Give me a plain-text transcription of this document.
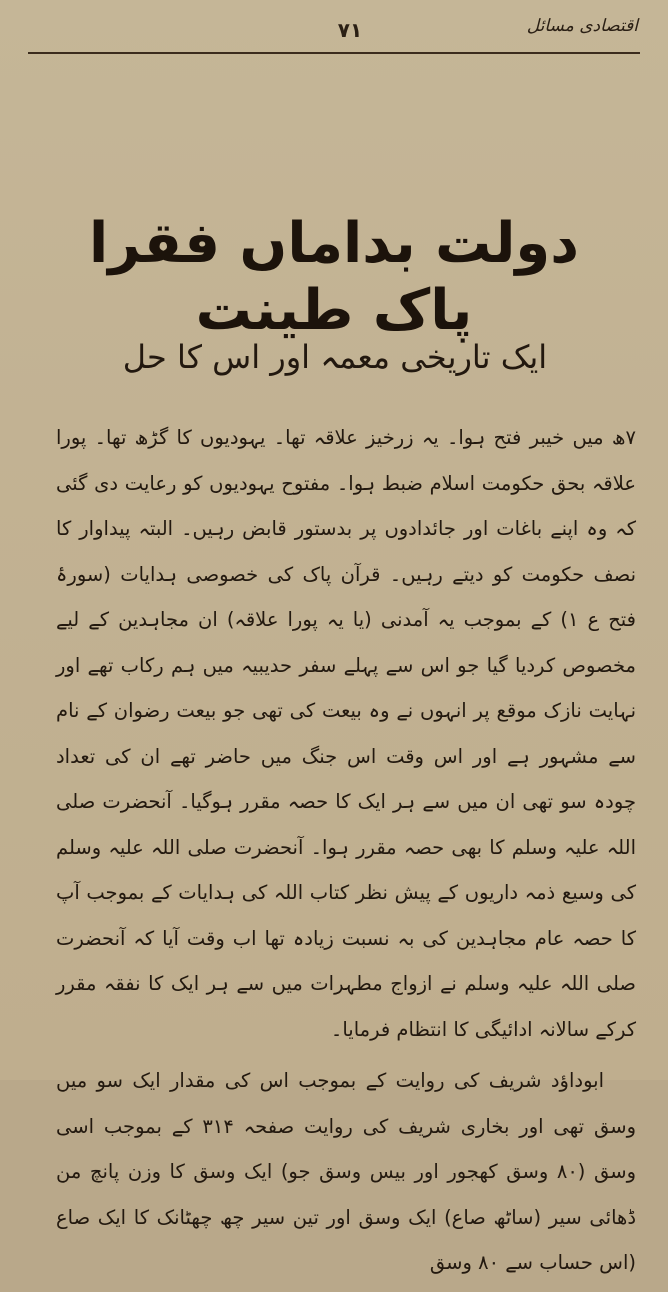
٧١	اقتصادی مسائل
دولت بداماں فقرا پاک طینت
ایک تاریخی معمہ اور اس کا حل

۷ھ میں خیبر فتح ہوا۔ یہ زرخیز علاقہ تھا۔ یہودیوں کا گڑھ تھا۔ پورا علاقہ بحق حکومت اسلام ضبط ہوا۔ مفتوح یہودیوں کو رعایت دی گئی کہ وہ اپنے باغات اور جائدادوں پر بدستور قابض رہیں۔ البتہ پیداوار کا نصف حکومت کو دیتے رہیں۔ قرآن پاک کی خصوصی ہدایات (سورۂ فتح ع ۱) کے بموجب یہ آمدنی (یا یہ پورا علاقہ) ان مجاہدین کے لیے مخصوص کردیا گیا جو اس سے پہلے سفر حدیبیہ میں ہم رکاب تھے اور نہایت نازک موقع پر انہوں نے وہ بیعت کی تھی جو بیعت رضوان کے نام سے مشہور ہے اور اس وقت اس جنگ میں حاضر تھے ان کی تعداد چودہ سو تھی ان میں سے ہر ایک کا حصہ مقرر ہوگیا۔ آنحضرت صلی اللہ علیہ وسلم کا بھی حصہ مقرر ہوا۔ آنحضرت صلی اللہ علیہ وسلم کی وسیع ذمہ داریوں کے پیش نظر کتاب اللہ کی ہدایات کے بموجب آپ کا حصہ عام مجاہدین کی بہ نسبت زیادہ تھا اب وقت آیا کہ آنحضرت صلی اللہ علیہ وسلم نے ازواج مطہرات میں سے ہر ایک کا نفقہ مقرر کرکے سالانہ ادائیگی کا انتظام فرمایا۔

ابوداؤد شریف کی روایت کے بموجب اس کی مقدار ایک سو میں وسق تھی اور بخاری شریف کی روایت صفحہ ۳۱۴ کے بموجب اسی وسق (۸۰ وسق کھجور اور بیس وسق جو) ایک وسق کا وزن پانچ من ڈھائی سیر (ساٹھ صاع) ایک وسق اور تین سیر چھ چھٹانک کا ایک صاع (اس حساب سے ۸۰ وسق
